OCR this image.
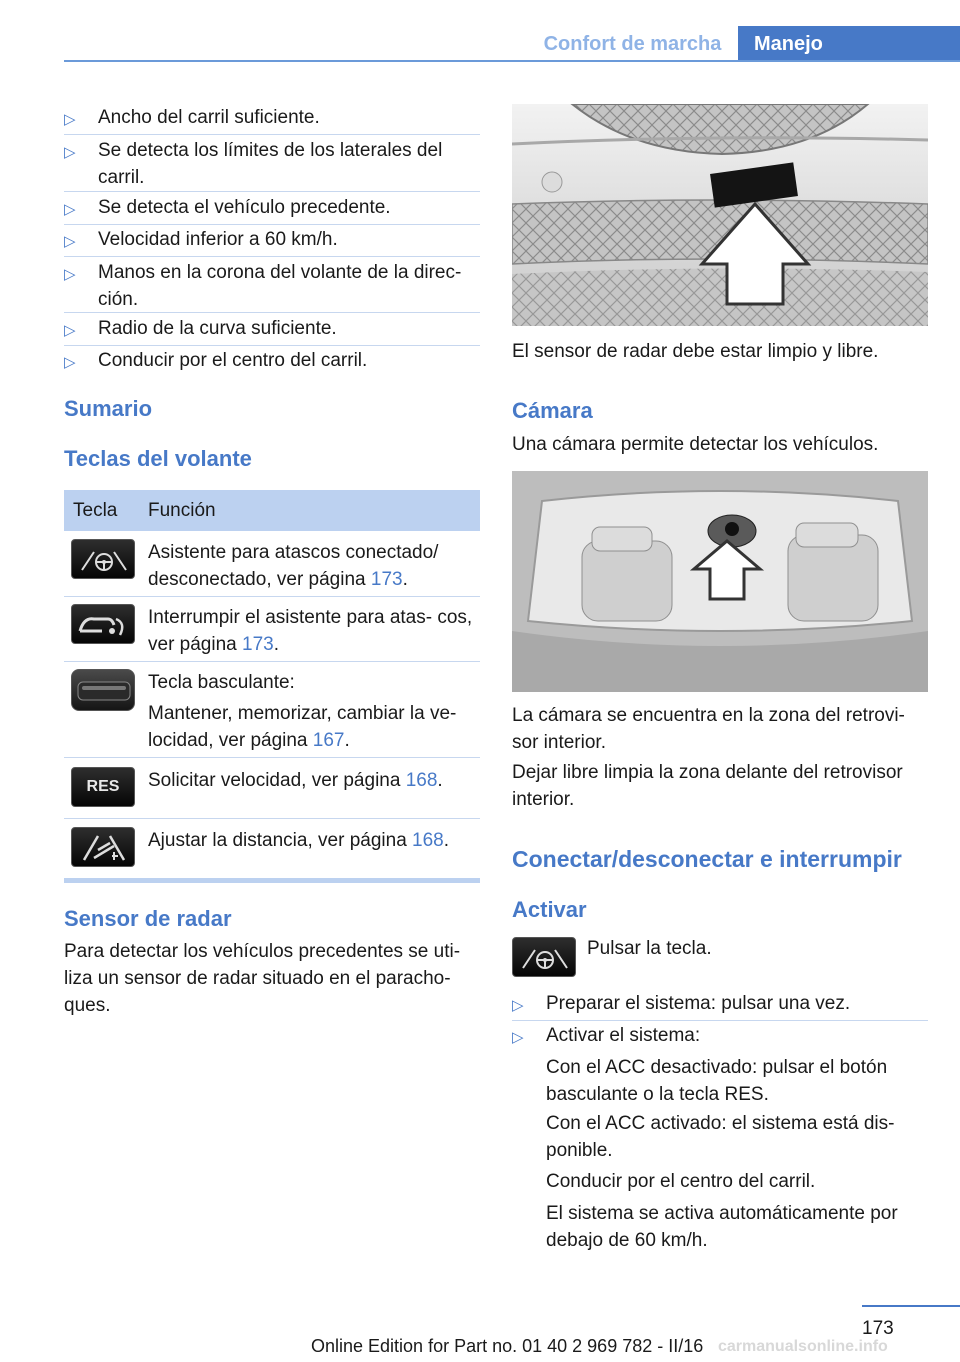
Confort de marcha	Manejo
▷ Ancho del carril suficiente.
▷ Se detecta los límites de los laterales del carril.
▷ Se detecta el vehículo precedente.
▷ Velocidad inferior a 60 km/h.
▷ Manos en la corona del volante de la direc‐ción.
▷ Radio de la curva suficiente.
▷ Conducir por el centro del carril.
Sumario
Teclas del volante
Tecla Función
Asistente para atascos conectado/ desconectado, ver página 173.
Interrumpir el asistente para atas‐ cos, ver página 173.
Tecla basculante:
Mantener, memorizar, cambiar la ve‐ locidad, ver página 167.
RES	Solicitar velocidad, ver página 168.
Ajustar la distancia, ver página 168.
Sensor de radar
Para detectar los vehículos precedentes se uti‐ liza un sensor de radar situado en el paracho‐ ques.
El sensor de radar debe estar limpio y libre.
Cámara
Una cámara permite detectar los vehículos.
La cámara se encuentra en la zona del retrovi‐ sor interior.
Dejar libre limpia la zona delante del retrovisor interior.
Conectar/desconectar e interrumpir
Activar
Pulsar la tecla.
▷ Preparar el sistema: pulsar una vez.
▷ Activar el sistema:
Con el ACC desactivado: pulsar el botón basculante o la tecla RES.
Con el ACC activado: el sistema está dis‐ ponible.
Conducir por el centro del carril.
El sistema se activa automáticamente por debajo de 60 km/h.
173
Online Edition for Part no. 01 40 2 969 782 - II/16 carmanualsonline.info
